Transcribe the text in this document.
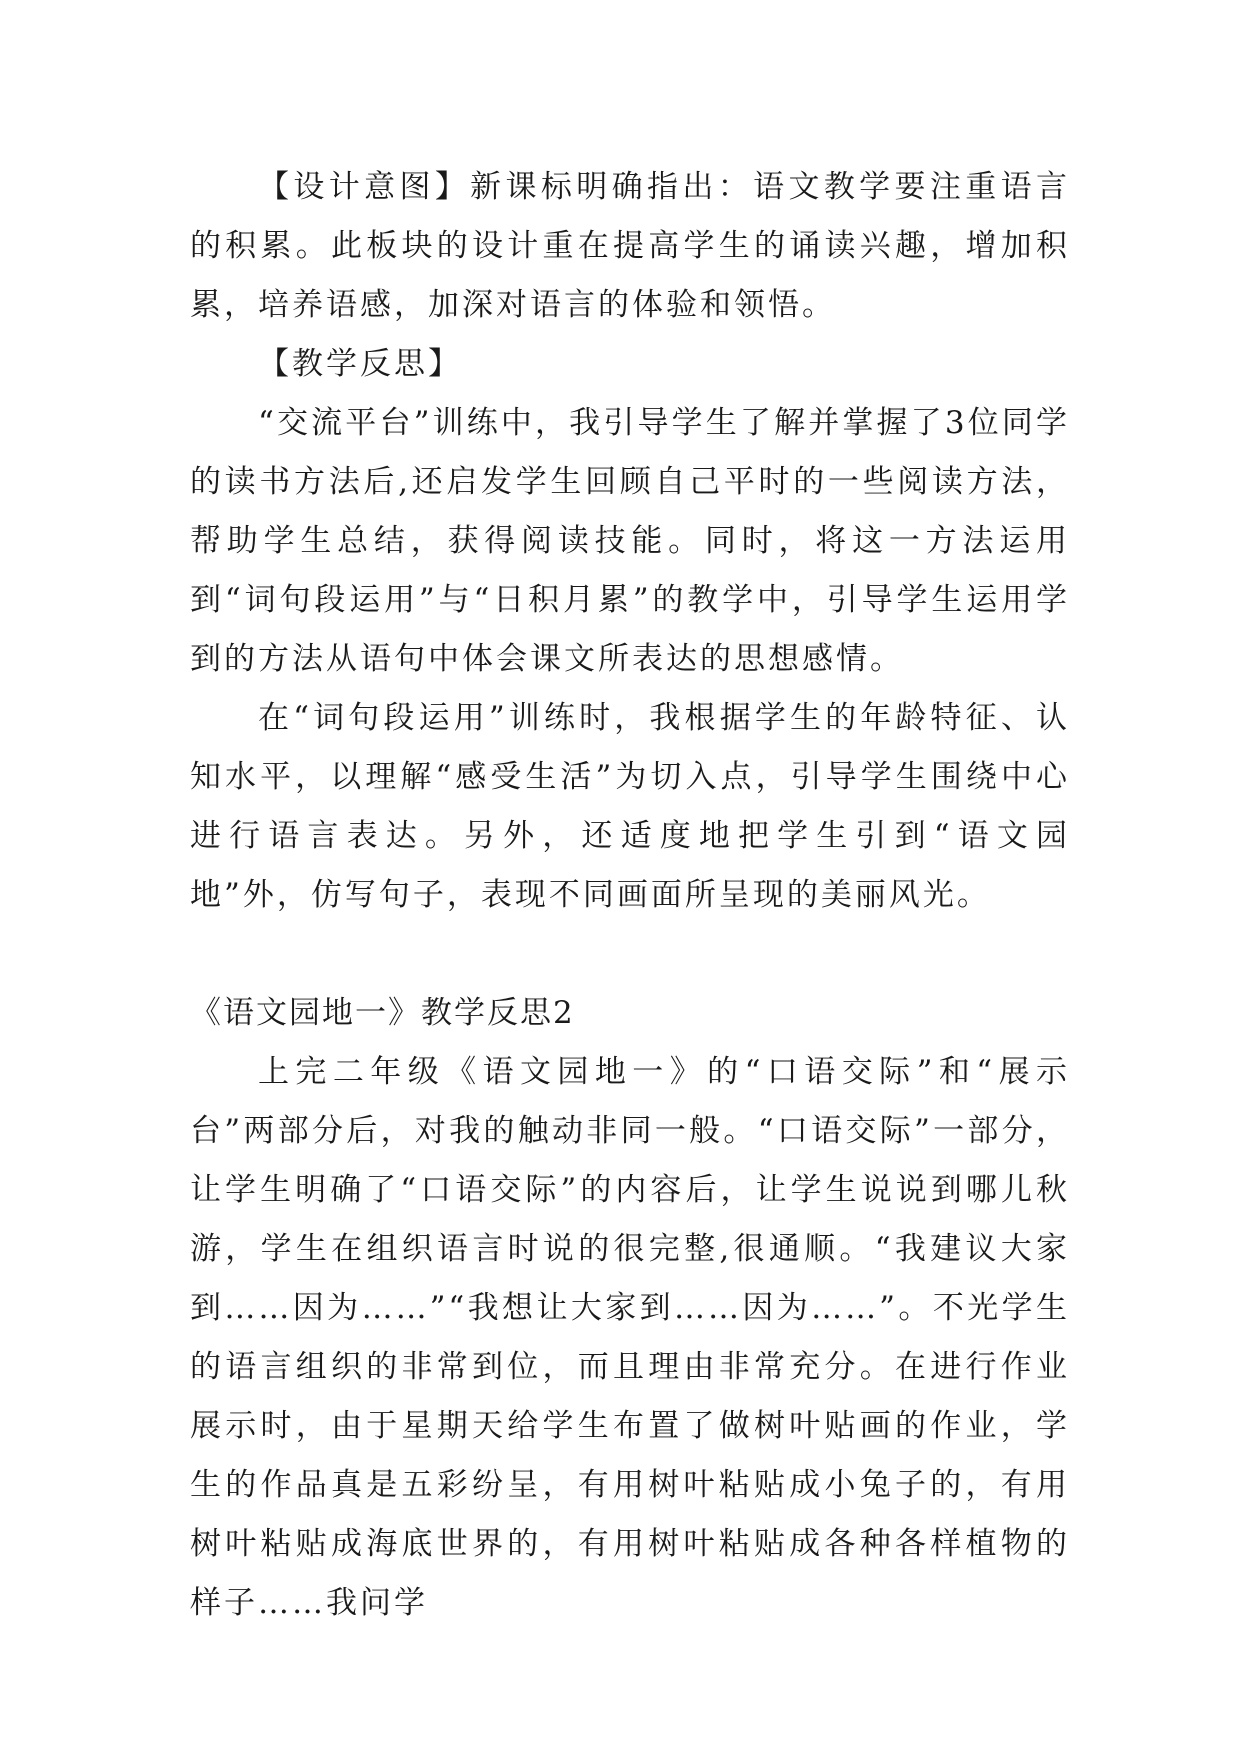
【设计意图】新课标明确指出：语文教学要注重语言的积累。此板块的设计重在提高学生的诵读兴趣，增加积累，培养语感，加深对语言的体验和领悟。

【教学反思】

“交流平台”训练中，我引导学生了解并掌握了3位同学的读书方法后,还启发学生回顾自己平时的一些阅读方法，帮助学生总结，获得阅读技能。同时，将这一方法运用到“词句段运用”与“日积月累”的教学中，引导学生运用学到的方法从语句中体会课文所表达的思想感情。

在“词句段运用”训练时，我根据学生的年龄特征、认知水平，以理解“感受生活”为切入点，引导学生围绕中心进行语言表达。另外，还适度地把学生引到“语文园地”外，仿写句子，表现不同画面所呈现的美丽风光。

《语文园地一》教学反思2

上完二年级《语文园地一》的“口语交际”和“展示台”两部分后，对我的触动非同一般。“口语交际”一部分，让学生明确了“口语交际”的内容后，让学生说说到哪儿秋游，学生在组织语言时说的很完整,很通顺。“我建议大家到……因为……”“我想让大家到……因为……”。不光学生的语言组织的非常到位，而且理由非常充分。在进行作业展示时，由于星期天给学生布置了做树叶贴画的作业，学生的作品真是五彩纷呈，有用树叶粘贴成小兔子的，有用树叶粘贴成海底世界的，有用树叶粘贴成各种各样植物的样子……我问学
